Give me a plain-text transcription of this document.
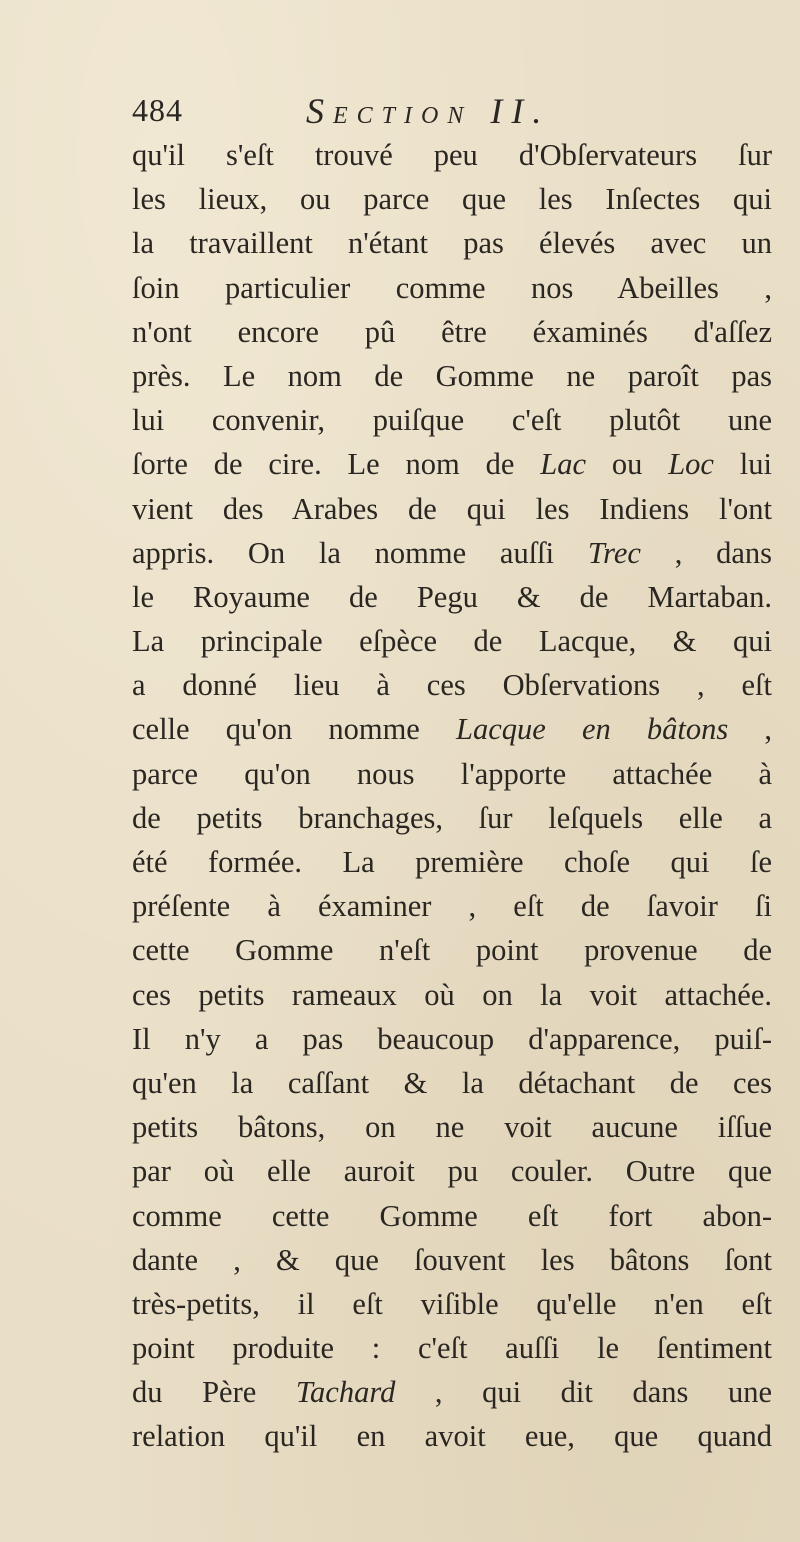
484	SECTION II.
qu'il s'eſt trouvé peu d'Obſervateurs ſur
les lieux, ou parce que les Inſectes qui
la travaillent n'étant pas élevés avec un
ſoin particulier comme nos Abeilles ,
n'ont encore pû être éxaminés d'aſſez
près. Le nom de Gomme ne paroît pas
lui convenir, puiſque c'eſt plutôt une
ſorte de cire. Le nom de Lac ou Loc lui
vient des Arabes de qui les Indiens l'ont
appris. On la nomme auſſi Trec , dans
le Royaume de Pegu & de Martaban.
La principale eſpèce de Lacque, & qui
a donné lieu à ces Obſervations , eſt
celle qu'on nomme Lacque en bâtons ,
parce qu'on nous l'apporte attachée à
de petits branchages, ſur leſquels elle a
été formée. La première choſe qui ſe
préſente à éxaminer , eſt de ſavoir ſi
cette Gomme n'eſt point provenue de
ces petits rameaux où on la voit attachée.
Il n'y a pas beaucoup d'apparence, puiſ-
qu'en la caſſant & la détachant de ces
petits bâtons, on ne voit aucune iſſue
par où elle auroit pu couler. Outre que
comme cette Gomme eſt fort abon-
dante , & que ſouvent les bâtons ſont
très-petits, il eſt viſible qu'elle n'en eſt
point produite : c'eſt auſſi le ſentiment
du Père Tachard , qui dit dans une
relation qu'il en avoit eue, que quand
